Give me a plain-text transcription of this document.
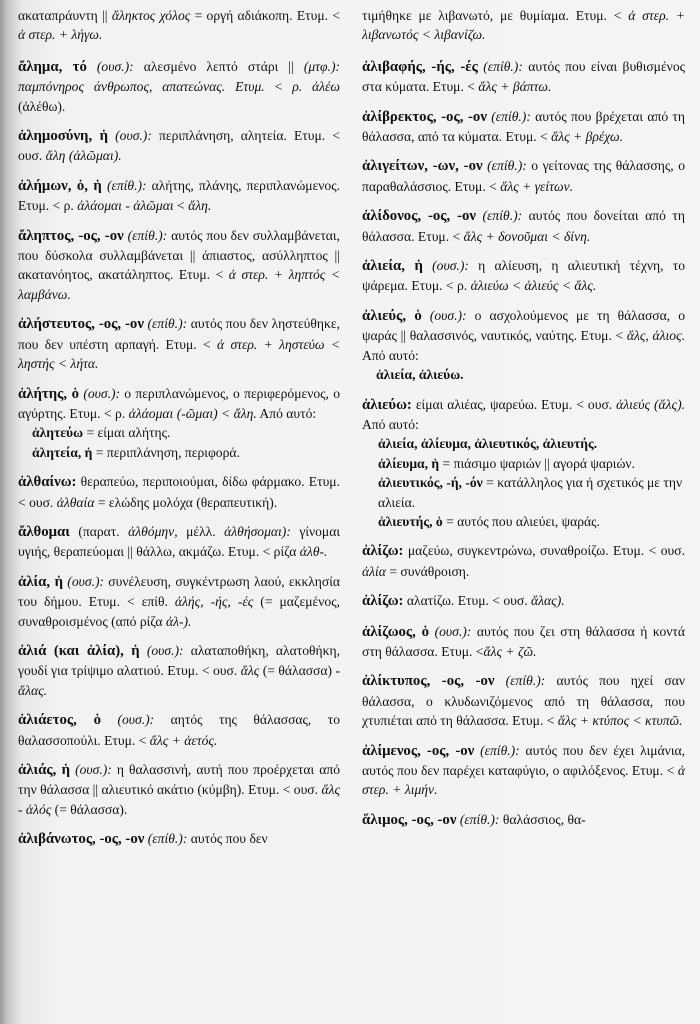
ακαταπράυντη || ἄληκτος χόλος = οργή αδιάκοπη. Ετυμ. < ἀ στερ. + λήγω.

ἄλημα, τό (ουσ.): αλεσμένο λεπτό στάρι || (μτφ.): παμπόνηρος άνθρωπος, απατεώνας. Ετυμ. < ρ. ἀλέω (ἀλέθω).

ἀλημοσύνη, ἡ (ουσ.): περιπλάνηση, αλητεία. Ετυμ. < ουσ. ἄλη (ἀλῶμαι).

ἀλήμων, ὁ, ἡ (επίθ.): αλήτης, πλάνης, περιπλανώμενος. Ετυμ. < ρ. ἀλάομαι - ἀλῶμαι < ἄλη.

ἄληπτος, -ος, -ον (επίθ.): αυτός που δεν συλλαμβάνεται, που δύσκολα συλλαμβάνεται || άπιαστος, ασύλληπτος || ακατανόητος, ακατάληπτος. Ετυμ. < ἀ στερ. + ληπτός < λαμβάνω.

ἀλήστευτος, -ος, -ον (επίθ.): αυτός που δεν ληστεύθηκε, που δεν υπέστη αρπαγή. Ετυμ. < ἀ στερ. + ληστεύω < ληστής < λήτα.

ἀλήτης, ὁ (ουσ.): ο περιπλανώμενος, ο περιφερόμενος, ο αγύρτης. Ετυμ. < ρ. ἀλάομαι (-ῶμαι) < ἄλη. Από αυτό:
ἀλητεύω = είμαι αλήτης.
ἀλητεία, ἡ = περιπλάνηση, περιφορά.

ἀλθαίνω: θεραπεύω, περιποιούμαι, δίδω φάρμακο. Ετυμ. < ουσ. ἀλθαία = ελώδης μολόχα (θεραπευτική).

ἄλθομαι (παρατ. ἀλθόμην, μέλλ. ἀλθήσομαι): γίνομαι υγιής, θεραπεύομαι || θάλλω, ακμάζω. Ετυμ. < ρίζα ἀλθ-.

ἀλία, ἡ (ουσ.): συνέλευση, συγκέντρωση λαού, εκκλησία του δήμου. Ετυμ. < επίθ. ἀλής, -ής, -ές (= μαζεμένος, συναθροισμένος (από ρίζα ἀλ-).

ἀλιά (και ἀλία), ἡ (ουσ.): αλαταποθήκη, αλατοθήκη, γουδί για τρίψιμο αλατιού. Ετυμ. < ουσ. ἅλς (= θάλασσα) - ἅλας.

ἀλιάετος, ὁ (ουσ.): αητός της θάλασσας, το θαλασσοπούλι. Ετυμ. < ἅλς + ἀετός.

ἀλιάς, ἡ (ουσ.): η θαλασσινή, αυτή που προέρχεται από την θάλασσα || αλιευτικό ακάτιο (κύμβη). Ετυμ. < ουσ. ἅλς - ἁλός (= θάλασσα).

ἀλιβάνωτος, -ος, -ον (επίθ.): αυτός που δεν

τιμήθηκε με λιβανωτό, με θυμίαμα. Ετυμ. < ἀ στερ. + λιβανωτός < λιβανίζω.

ἀλιβαφής, -ής, -ές (επίθ.): αυτός που είναι βυθισμένος στα κύματα. Ετυμ. < ἅλς + βάπτω.

ἀλίβρεκτος, -ος, -ον (επίθ.): αυτός που βρέχεται από τη θάλασσα, από τα κύματα. Ετυμ. < ἅλς + βρέχω.

ἀλιγείτων, -ων, -ον (επίθ.): ο γείτονας της θάλασσης, ο παραθαλάσσιος. Ετυμ. < ἅλς + γείτων.

ἀλίδονος, -ος, -ον (επίθ.): αυτός που δονείται από τη θάλασσα. Ετυμ. < ἅλς + δονοῦμαι < δίνη.

ἀλιεία, ἡ (ουσ.): η αλίευση, η αλιευτική τέχνη, το ψάρεμα. Ετυμ. < ρ. ἁλιεύω < ἁλιεύς < ἅλς.

ἀλιεύς, ὁ (ουσ.): ο ασχολούμενος με τη θάλασσα, ο ψαράς || θαλασσινός, ναυτικός, ναύτης. Ετυμ. < ἅλς, ἁλιος. Από αυτό:
ἀλιεία, ἀλιεύω.
ἀλιεύω: είμαι αλιέας, ψαρεύω. Ετυμ. < ουσ. ἀλιεύς (ἅλς). Από αυτό:
ἀλιεία, ἀλίευμα, ἀλιευτικός, ἀλιευτής.
ἀλίευμα, ἡ = πιάσιμο ψαριών || αγορά ψαριών.
ἀλιευτικός, -ή, -όν = κατάλληλος για ή σχετικός με την αλιεία.
ἀλιευτής, ὁ = αυτός που αλιεύει, ψαράς.

ἀλίζω: μαζεύω, συγκεντρώνω, συναθροίζω. Ετυμ. < ουσ. ἀλία = συνάθροιση.

ἀλίζω: αλατίζω. Ετυμ. < ουσ. ἅλας).

ἀλίζωος, ὁ (ουσ.): αυτός που ζει στη θάλασσα ή κοντά στη θάλασσα. Ετυμ. <ἅλς + ζῶ.

ἀλίκτυπος, -ος, -ον (επίθ.): αυτός που ηχεί σαν θάλασσα, ο κλυδωνιζόμενος από τη θάλασσα, που χτυπιέται από τη θάλασσα. Ετυμ. < ἅλς + κτύπος < κτυπῶ.

ἀλίμενος, -ος, -ον (επίθ.): αυτός που δεν έχει λιμάνια, αυτός που δεν παρέχει καταφύγιο, ο αφιλόξενος. Ετυμ. < ἀ στερ. + λιμήν.

ἅλιμος, -ος, -ον (επίθ.): θαλάσσιος, θα-
